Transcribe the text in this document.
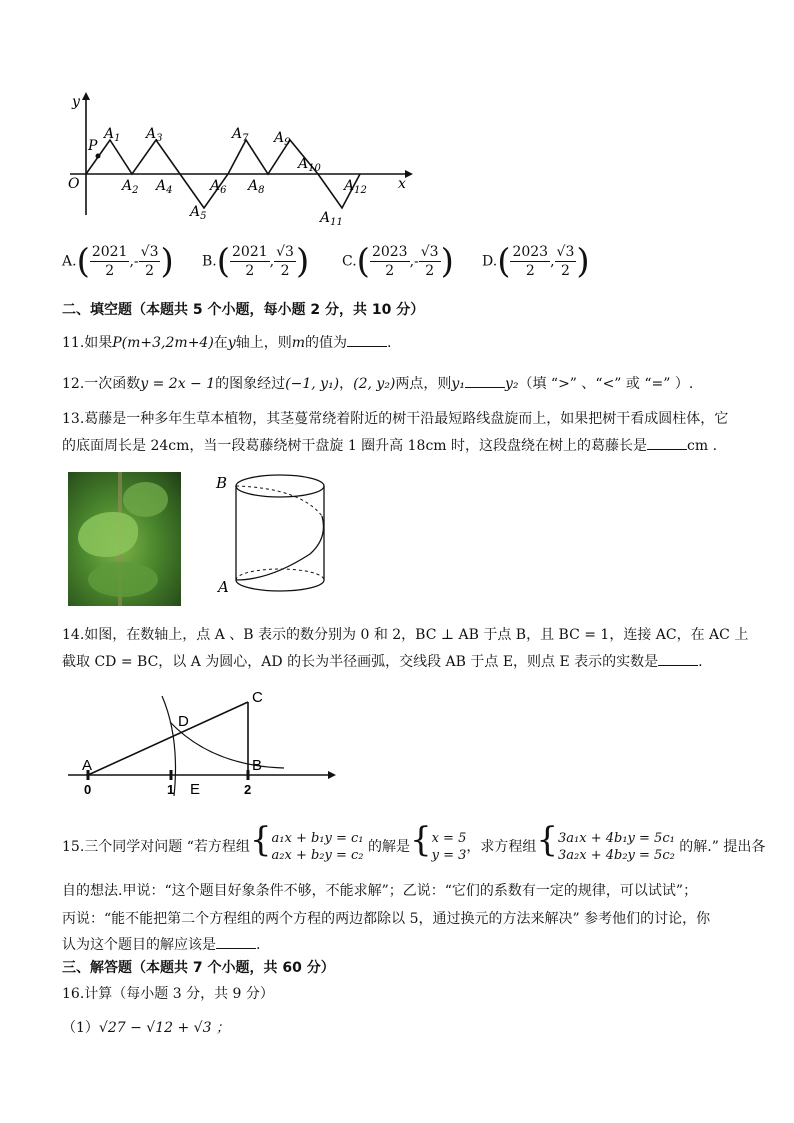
y
x
O
P
$A_1$
$A_2$
$A_3$
$A_4$
$A_5$
$A_6$
$A_7$
$A_8$
$A_9$
$A_{10}$
$A_{11}$
$A_{12}$
$A.( \frac{2021}{2}$ ,- $\frac{√3}{2}$ ) $B.( \frac{2021}{2}$ , $\frac{√3}{2}$ ) $C.( \frac{2023}{2}$ ,- $\frac{√3}{2}$ ) $D.( \frac{2023}{2}$ , $\frac{√3}{2}$ )
二、填空题（本题共 5 个小题，每小题 2 分，共 10 分）
11.如果P(m+3,2m+4)在y轴上，则m的值为	.
12.一次函数y = 2x − 1的图象经过(−1, y₁)，(2, y₂)两点，则y₁	y₂（填 “>” 、“<” 或 “=” ）.
13.葛藤是一种多年生草本植物，其茎蔓常绕着附近的树干沿最短路线盘旋而上，如果把树干看成圆柱体，它
的底面周长是 24cm，当一段葛藤绕树干盘旋 1 圈升高 18cm 时，这段盘绕在树上的葛藤长是	cm .
B
A
14.如图，在数轴上，点 A 、B 表示的数分别为 0 和 2，BC ⊥ AB 于点 B，且 BC = 1，连接 AC，在 AC 上
截取 CD = BC，以 A 为圆心，AD 的长为半径画弧，交线段 AB 于点 E，则点 E 表示的实数是	.
A	B
C
D
E
0	1	2
15.三个同学对问题 “若方程组{ a₁x + b₁y = c₁
a₂x + b₂y = c₂
的解是{ x = 5
y = 3
，求方程组{ 3a₁x + 4b₁y = 5c₁
3a₂x + 4b₂y = 5c₂
的解.” 提出各
自的想法.甲说：“这个题目好象条件不够，不能求解”；乙说：“它们的系数有一定的规律，可以试试”；
丙说：“能不能把第二个方程组的两个方程的两边都除以 5，通过换元的方法来解决” 参考他们的讨论，你
认为这个题目的解应该是	.
三、解答题（本题共 7 个小题，共 60 分）
16.计算（每小题 3 分，共 9 分）
（1）√27 − √12 + √3 ；
